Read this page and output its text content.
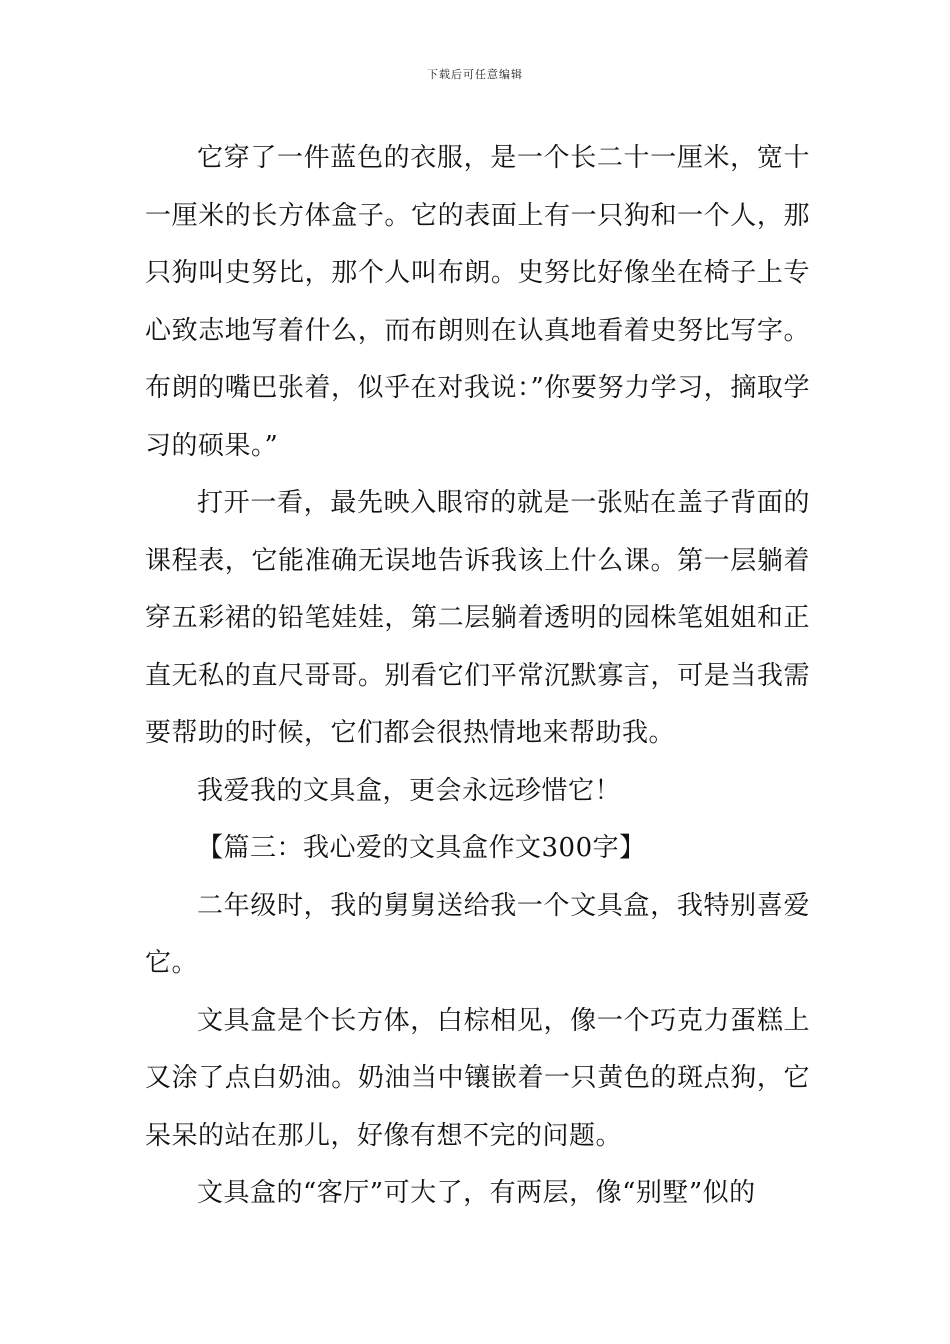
下载后可任意编辑

它穿了一件蓝色的衣服，是一个长二十一厘米，宽十一厘米的长方体盒子。它的表面上有一只狗和一个人，那只狗叫史努比，那个人叫布朗。史努比好像坐在椅子上专心致志地写着什么，而布朗则在认真地看着史努比写字。布朗的嘴巴张着，似乎在对我说：”你要努力学习，摘取学习的硕果。”

打开一看，最先映入眼帘的就是一张贴在盖子背面的课程表，它能准确无误地告诉我该上什么课。第一层躺着穿五彩裙的铅笔娃娃，第二层躺着透明的园株笔姐姐和正直无私的直尺哥哥。别看它们平常沉默寡言，可是当我需要帮助的时候，它们都会很热情地来帮助我。

我爱我的文具盒，更会永远珍惜它！

【篇三：我心爱的文具盒作文300字】

二年级时，我的舅舅送给我一个文具盒，我特别喜爱它。

文具盒是个长方体，白棕相见，像一个巧克力蛋糕上又涂了点白奶油。奶油当中镶嵌着一只黄色的斑点狗，它呆呆的站在那儿，好像有想不完的问题。

文具盒的“客厅”可大了，有两层，像“别墅”似的
